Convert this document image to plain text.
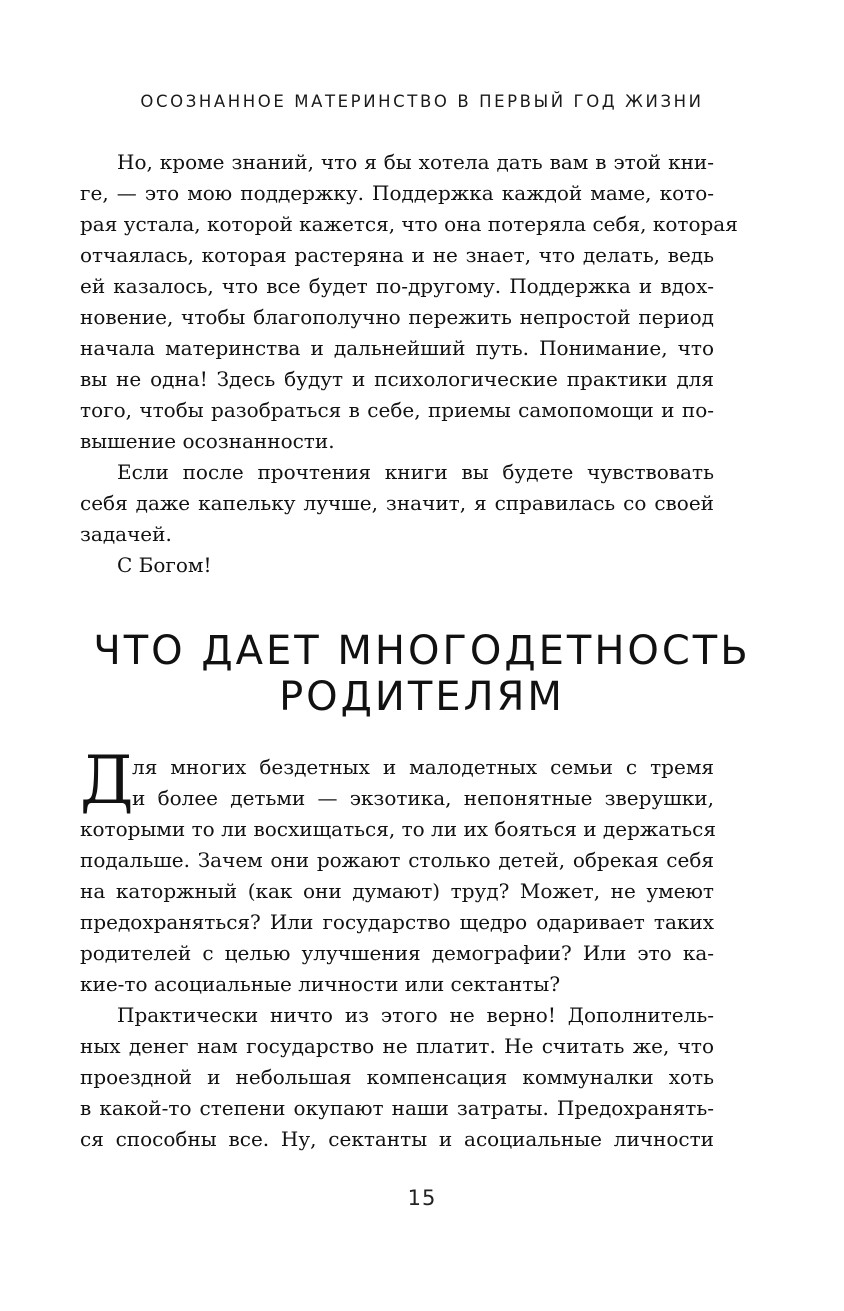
ОСОЗНАННОЕ МАТЕРИНСТВО В ПЕРВЫЙ ГОД ЖИЗНИ
Но, кроме знаний, что я бы хотела дать вам в этой кни-
ге, — это мою поддержку. Поддержка каждой маме, кото-
рая устала, которой кажется, что она потеряла себя, которая
отчаялась, которая растеряна и не знает, что делать, ведь
ей казалось, что все будет по-другому. Поддержка и вдох-
новение, чтобы благополучно пережить непростой период
начала материнства и дальнейший путь. Понимание, что
вы не одна! Здесь будут и психологические практики для
того, чтобы разобраться в себе, приемы самопомощи и по-
вышение осознанности.
Если после прочтения книги вы будете чувствовать
себя даже капельку лучше, значит, я справилась со своей
задачей.
С Богом!
ЧТО ДАЕТ МНОГОДЕТНОСТЬ
РОДИТЕЛЯМ
Д
ля многих бездетных и малодетных семьи с тремя
и более детьми — экзотика, непонятные зверушки,
которыми то ли восхищаться, то ли их бояться и держаться
подальше. Зачем они рожают столько детей, обрекая себя
на каторжный (как они думают) труд? Может, не умеют
предохраняться? Или государство щедро одаривает таких
родителей с целью улучшения демографии? Или это ка-
кие-то асоциальные личности или сектанты?
Практически ничто из этого не верно! Дополнитель-
ных денег нам государство не платит. Не считать же, что
проездной и небольшая компенсация коммуналки хоть
в какой-то степени окупают наши затраты. Предохранять-
ся способны все. Ну, сектанты и асоциальные личности
15
